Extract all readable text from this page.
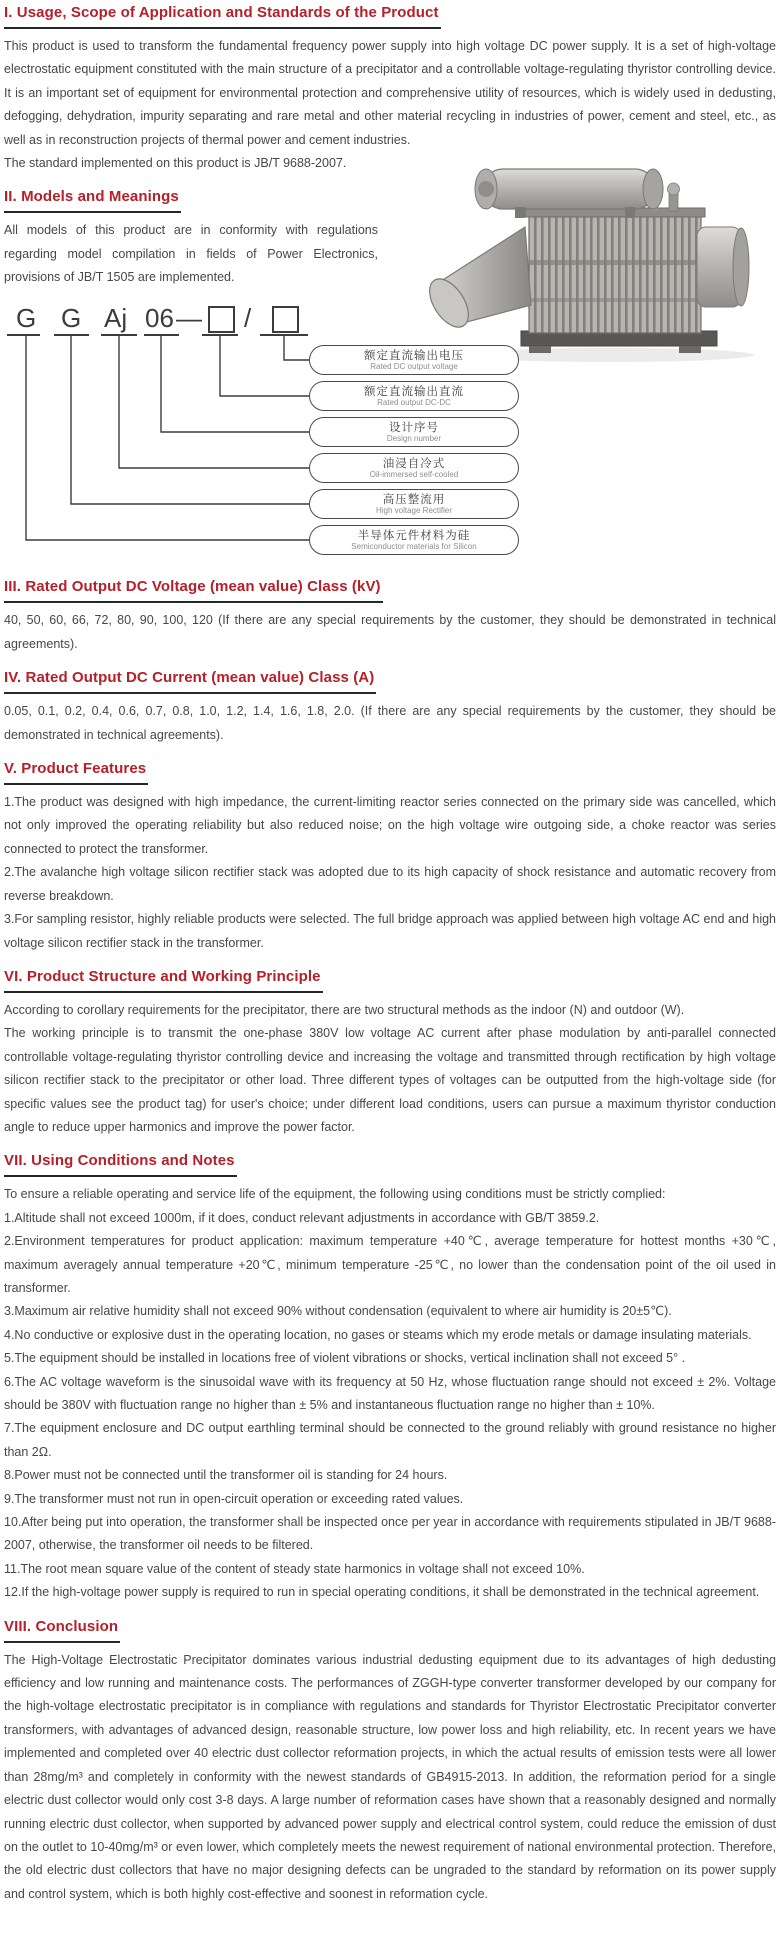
I. Usage, Scope of Application and Standards of the Product

This product is used to transform the fundamental frequency power supply into high voltage DC power supply. It is a set of high-voltage electrostatic equipment constituted with the main structure of a precipitator and a controllable voltage-regulating thyristor controlling device. It is an important set of equipment for environmental protection and comprehensive utility of resources, which is widely used in dedusting, defogging, dehydration, impurity separating and rare metal and other material recycling in industries of power, cement and steel, etc., as well as in reconstruction projects of thermal power and cement industries.

The standard implemented on this product is JB/T 9688-2007.

II. Models and Meanings

All models of this product are in conformity with regulations regarding model compilation in fields of Power Electronics, provisions of JB/T 1505 are implemented.

G G Aj 06 — /
额定直流输出电压
Rated DC output voltage
额定直流输出直流
Rated output DC-DC
设计序号
Design number
油浸自冷式
Oil-immersed self-cooled
高压整流用
High voltage Rectifier
半导体元件材料为硅
Semiconductor materials for Silicon
III. Rated Output DC Voltage (mean value) Class (kV)

40, 50, 60, 66, 72, 80, 90, 100, 120 (If there are any special requirements by the customer, they should be demonstrated in technical agreements).

IV. Rated Output DC Current (mean value) Class (A)

0.05, 0.1, 0.2, 0.4, 0.6, 0.7, 0.8, 1.0, 1.2, 1.4, 1.6, 1.8, 2.0. (If there are any special requirements by the customer, they should be demonstrated in technical agreements).

V. Product Features

1.The product was designed with high impedance, the current-limiting reactor series connected on the primary side was cancelled, which not only improved the operating reliability but also reduced noise; on the high voltage wire outgoing side, a choke reactor was series connected to protect the transformer.

2.The avalanche high voltage silicon rectifier stack was adopted due to its high capacity of shock resistance and automatic recovery from reverse breakdown.

3.For sampling resistor, highly reliable products were selected. The full bridge approach was applied between high voltage AC end and high voltage silicon rectifier stack in the transformer.

VI. Product Structure and Working Principle

According to corollary requirements for the precipitator, there are two structural methods as the indoor (N) and outdoor (W).

The working principle is to transmit the one-phase 380V low voltage AC current after phase modulation by anti-parallel connected controllable voltage-regulating thyristor controlling device and increasing the voltage and transmitted through rectification by high voltage silicon rectifier stack to the precipitator or other load. Three different types of voltages can be outputted from the high-voltage side (for specific values see the product tag) for user's choice; under different load conditions, users can pursue a maximum thyristor conduction angle to reduce upper harmonics and improve the power factor.

VII. Using Conditions and Notes

To ensure a reliable operating and service life of the equipment, the following using conditions must be strictly complied:

1.Altitude shall not exceed 1000m, if it does, conduct relevant adjustments in accordance with GB/T 3859.2.

2.Environment temperatures for product application: maximum temperature +40℃, average temperature for hottest months +30℃, maximum averagely annual temperature +20℃, minimum temperature -25℃, no lower than the condensation point of the oil used in transformer.

3.Maximum air relative humidity shall not exceed 90% without condensation (equivalent to where air humidity is 20±5℃).

4.No conductive or explosive dust in the operating location, no gases or steams which my erode metals or damage insulating materials.

5.The equipment should be installed in locations free of violent vibrations or shocks, vertical inclination shall not exceed 5° .

6.The AC voltage waveform is the sinusoidal wave with its frequency at 50 Hz, whose fluctuation range should not exceed ± 2%. Voltage should be 380V with fluctuation range no higher than ± 5% and instantaneous fluctuation range no higher than ± 10%.

7.The equipment enclosure and DC output earthling terminal should be connected to the ground reliably with ground resistance no higher than 2Ω.

8.Power must not be connected until the transformer oil is standing for 24 hours.

9.The transformer must not run in open-circuit operation or exceeding rated values.

10.After being put into operation, the transformer shall be inspected once per year in accordance with requirements stipulated in JB/T 9688-2007, otherwise, the transformer oil needs to be filtered.

11.The root mean square value of the content of steady state harmonics in voltage shall not exceed 10%.

12.If the high-voltage power supply is required to run in special operating conditions, it shall be demonstrated in the technical agreement.

VIII. Conclusion

The High-Voltage Electrostatic Precipitator dominates various industrial dedusting equipment due to its advantages of high dedusting efficiency and low running and maintenance costs. The performances of ZGGH-type converter transformer developed by our company for the high-voltage electrostatic precipitator is in compliance with regulations and standards for Thyristor Electrostatic Precipitator converter transformers, with advantages of advanced design, reasonable structure, low power loss and high reliability, etc. In recent years we have implemented and completed over 40 electric dust collector reformation projects, in which the actual results of emission tests were all lower than 28mg/m³ and completely in conformity with the newest standards of GB4915-2013. In addition, the reformation period for a single electric dust collector would only cost 3-8 days. A large number of reformation cases have shown that a reasonably designed and normally running electric dust collector, when supported by advanced power supply and electrical control system, could reduce the emission of dust on the outlet to 10-40mg/m³ or even lower, which completely meets the newest requirement of national environmental protection. Therefore, the old electric dust collectors that have no major designing defects can be ungraded to the standard by reformation on its power supply and control system, which is both highly cost-effective and soonest in reformation cycle.
